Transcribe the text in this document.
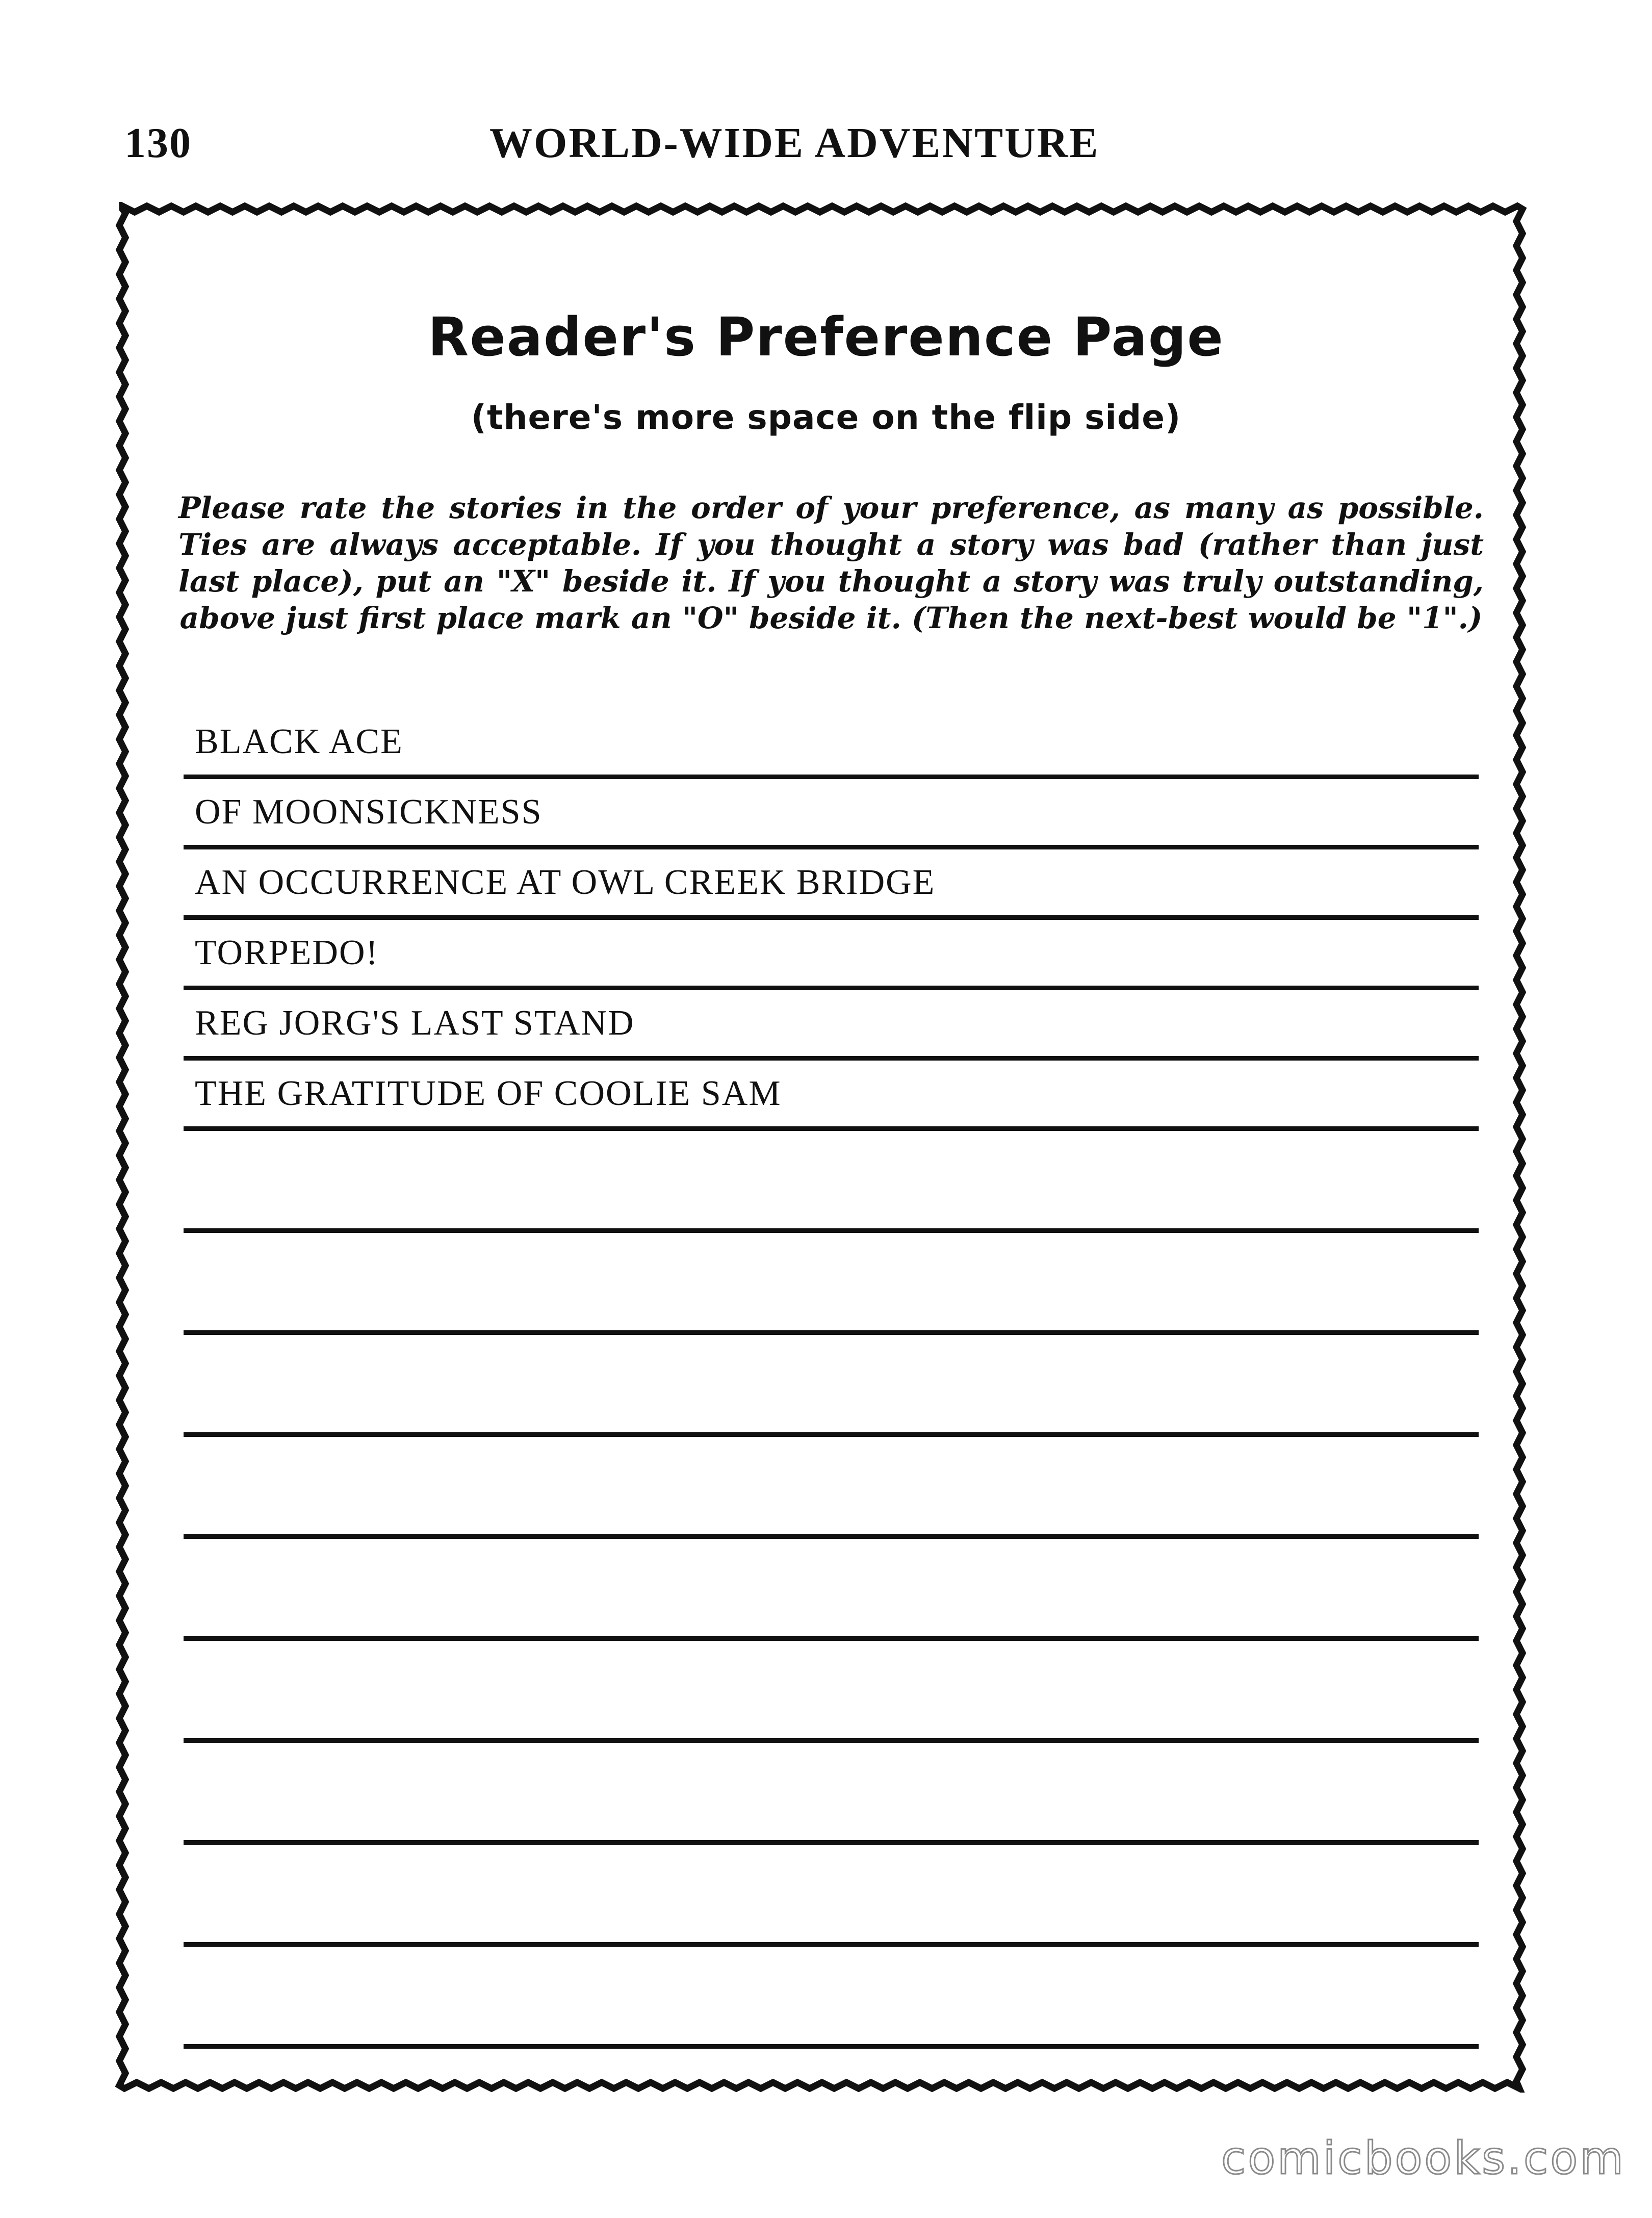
130	WORLD-WIDE ADVENTURE
Reader's Preference Page
(there's more space on the flip side)
Please rate the stories in the order of your preference, as many as possible. Ties are always acceptable. If you thought a story was bad (rather than just last place), put an "X" beside it. If you thought a story was truly outstanding, above just first place mark an "O" beside it. (Then the next-best would be "1".)
BLACK ACE
OF MOONSICKNESS
AN OCCURRENCE AT OWL CREEK BRIDGE
TORPEDO!
REG JORG'S LAST STAND
THE GRATITUDE OF COOLIE SAM
comicbooks.com
